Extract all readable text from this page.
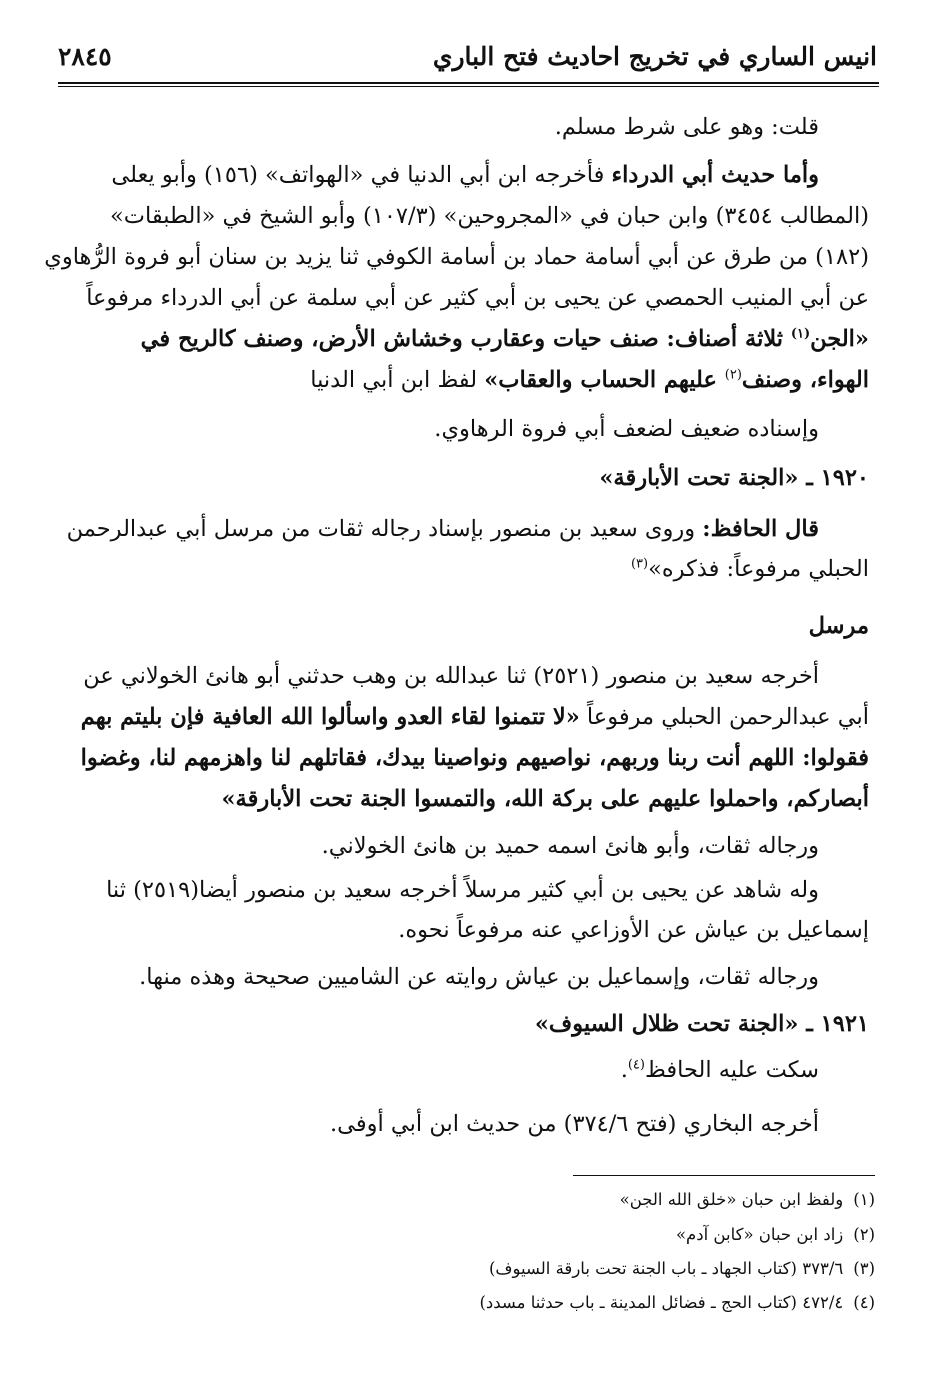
انيس الساري في تخريج احاديث فتح الباري
٢٨٤٥
قلت: وهو على شرط مسلم.
وأما حديث أبي الدرداء فأخرجه ابن أبي الدنيا في «الهواتف» (١٥٦) وأبو يعلى
(المطالب ٣٤٥٤) وابن حبان في «المجروحين» (١٠٧/٣) وأبو الشيخ في «الطبقات»
(١٨٢) من طرق عن أبي أسامة حماد بن أسامة الكوفي ثنا يزيد بن سنان أبو فروة الرُّهاوي
عن أبي المنيب الحمصي عن يحيى بن أبي كثير عن أبي سلمة عن أبي الدرداء مرفوعاً
«الجن$^{(١)}$ ثلاثة أصناف: صنف حيات وعقارب وخشاش الأرض، وصنف كالريح في
الهواء، وصنف$^{(٢)}$ عليهم الحساب والعقاب» لفظ ابن أبي الدنيا
وإسناده ضعيف لضعف أبي فروة الرهاوي.
١٩٢٠ ـ «الجنة تحت الأبارقة»
قال الحافظ: وروى سعيد بن منصور بإسناد رجاله ثقات من مرسل أبي عبدالرحمن
الحبلي مرفوعاً: فذكره»$^{(٣)}$
مرسل
أخرجه سعيد بن منصور (٢٥٢١) ثنا عبدالله بن وهب حدثني أبو هانئ الخولاني عن
أبي عبدالرحمن الحبلي مرفوعاً «لا تتمنوا لقاء العدو واسألوا الله العافية فإن بليتم بهم
فقولوا: اللهم أنت ربنا وربهم، نواصيهم ونواصينا بيدك، فقاتلهم لنا واهزمهم لنا، وغضوا
أبصاركم، واحملوا عليهم على بركة الله، والتمسوا الجنة تحت الأبارقة»
ورجاله ثقات، وأبو هانئ اسمه حميد بن هانئ الخولاني.
وله شاهد عن يحيى بن أبي كثير مرسلاً أخرجه سعيد بن منصور أيضا(٢٥١٩) ثنا
إسماعيل بن عياش عن الأوزاعي عنه مرفوعاً نحوه.
ورجاله ثقات، وإسماعيل بن عياش روايته عن الشاميين صحيحة وهذه منها.
١٩٢١ ـ «الجنة تحت ظلال السيوف»
سكت عليه الحافظ$^{(٤)}$.
أخرجه البخاري (فتح ٣٧٤/٦) من حديث ابن أبي أوفى.
(١)ولفظ ابن حبان «خلق الله الجن»
(٢)زاد ابن حبان «كابن آدم»
(٣)٣٧٣/٦ (كتاب الجهاد ـ باب الجنة تحت بارقة السيوف)
(٤)٤٧٢/٤ (كتاب الحج ـ فضائل المدينة ـ باب حدثنا مسدد)
